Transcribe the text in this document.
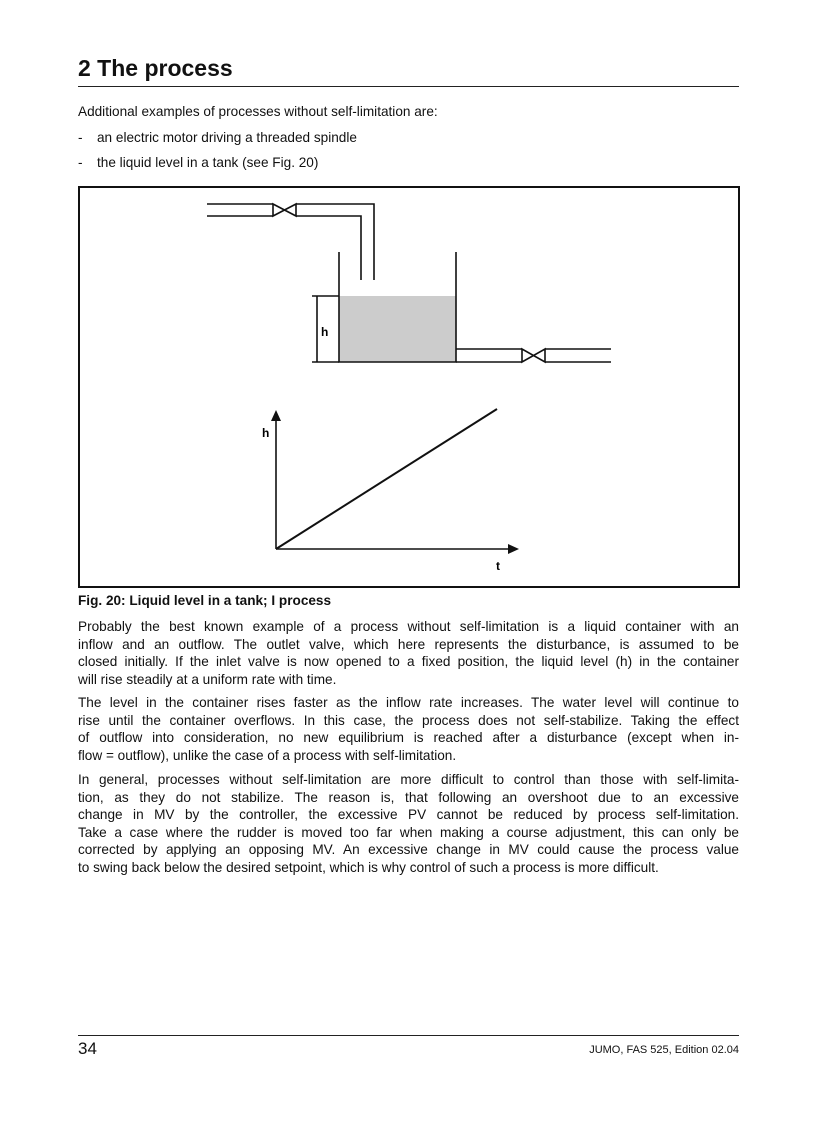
2 The process
Additional examples of processes without self-limitation are:
- an electric motor driving a threaded spindle
- the liquid level in a tank (see Fig. 20)
h
h
t
Fig. 20: Liquid level in a tank; I process
Probably the best known example of a process without self-limitation is a liquid container with an
inflow and an outflow. The outlet valve, which here represents the disturbance, is assumed to be
closed initially. If the inlet valve is now opened to a fixed position, the liquid level (h) in the container
will rise steadily at a uniform rate with time.
The level in the container rises faster as the inflow rate increases. The water level will continue to
rise until the container overflows. In this case, the process does not self-stabilize. Taking the effect
of outflow into consideration, no new equilibrium is reached after a disturbance (except when in-
flow = outflow), unlike the case of a process with self-limitation.
In general, processes without self-limitation are more difficult to control than those with self-limita-
tion, as they do not stabilize. The reason is, that following an overshoot due to an excessive
change in MV by the controller, the excessive PV cannot be reduced by process self-limitation.
Take a case where the rudder is moved too far when making a course adjustment, this can only be
corrected by applying an opposing MV. An excessive change in MV could cause the process value
to swing back below the desired setpoint, which is why control of such a process is more difficult.
34	JUMO, FAS 525, Edition 02.04
